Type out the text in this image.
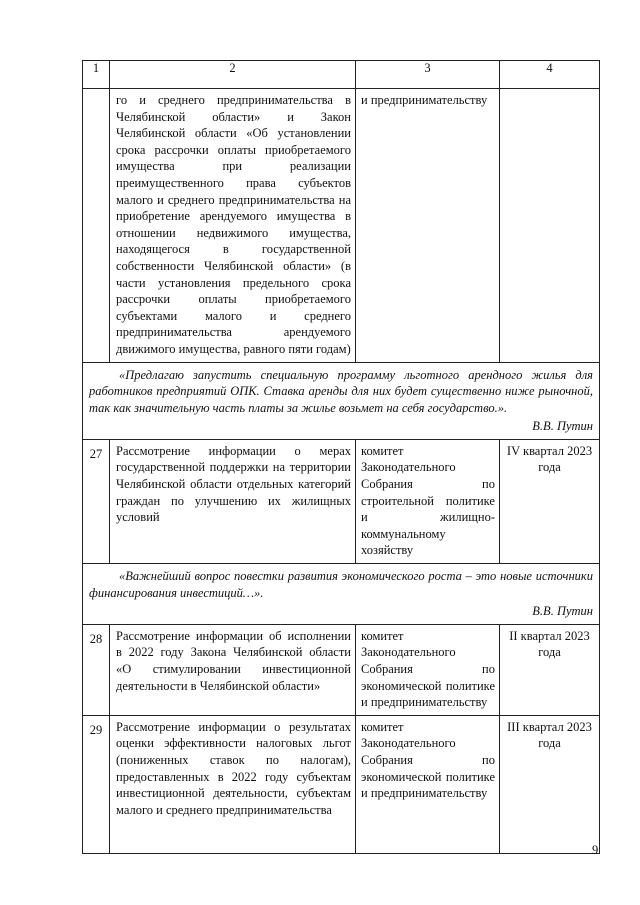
1	2	3	4
	го и среднего предпринимательства в Челябинской области» и Закон Челябинской области «Об установлении срока рассрочки оплаты приобретаемого имущества при реализации преимущественного права субъектов малого и среднего предпринимательства на приобретение арендуемого имущества в отношении недвижимого имущества, находящегося в государственной собственности Челябинской области» (в части установления предельного срока рассрочки оплаты приобретаемого субъектами малого и среднего предпринимательства арендуемого движимого имущества, равного пяти годам)	и предпринимательству	

«Предлагаю запустить специальную программу льготного арендного жилья для работников предприятий ОПК. Ставка аренды для них будет существенно ниже рыночной, так как значительную часть платы за жилье возьмет на себя государство.».
В.В. Путин			

27	Рассмотрение информации о мерах государственной поддержки на территории Челябинской области отдельных категорий граждан по улучшению их жилищных условий	комитет Законодательного Собрания по строительной политике и жилищно-коммунальному хозяйству	IV квартал 2023 года

«Важнейший вопрос повестки развития экономического роста – это новые источники финансирования инвестиций…».
В.В. Путин			

28	Рассмотрение информации об исполнении в 2022 году Закона Челябинской области «О стимулировании инвестиционной деятельности в Челябинской области»	комитет Законодательного Собрания по экономической политике и предпринимательству	II квартал 2023 года
29	Рассмотрение информации о результатах оценки эффективности налоговых льгот (пониженных ставок по налогам), предоставленных в 2022 году субъектам инвестиционной деятельности, субъектам малого и среднего предпринимательства	комитет Законодательного Собрания по экономической политике и предпринимательству	III квартал 2023 года
9
